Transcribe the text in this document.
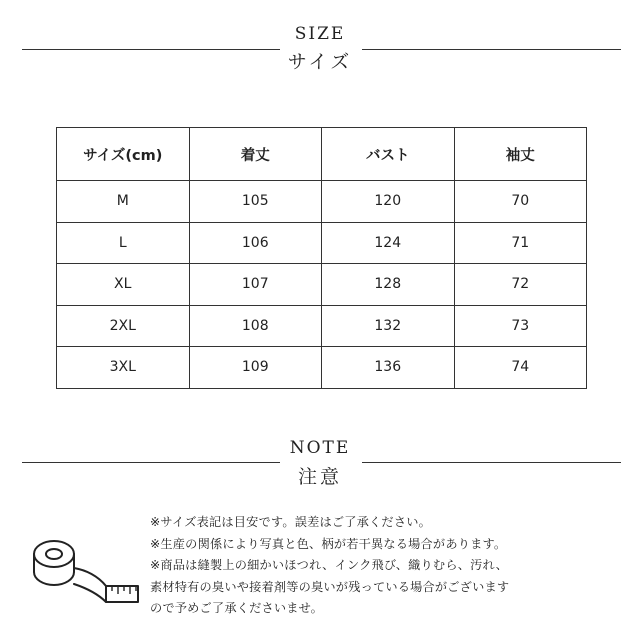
SIZE
サイズ
サイズ(cm)	着丈	バスト	袖丈
M	105	120	70
L	106	124	71
XL	107	128	72
2XL	108	132	73
3XL	109	136	74
NOTE
注意
※サイズ表記は目安です。誤差はご了承ください。
※生産の関係により写真と色、柄が若干異なる場合があります。
※商品は縫製上の細かいほつれ、インク飛び、織りむら、汚れ、
素材特有の臭いや接着剤等の臭いが残っている場合がございます
ので予めご了承くださいませ。
